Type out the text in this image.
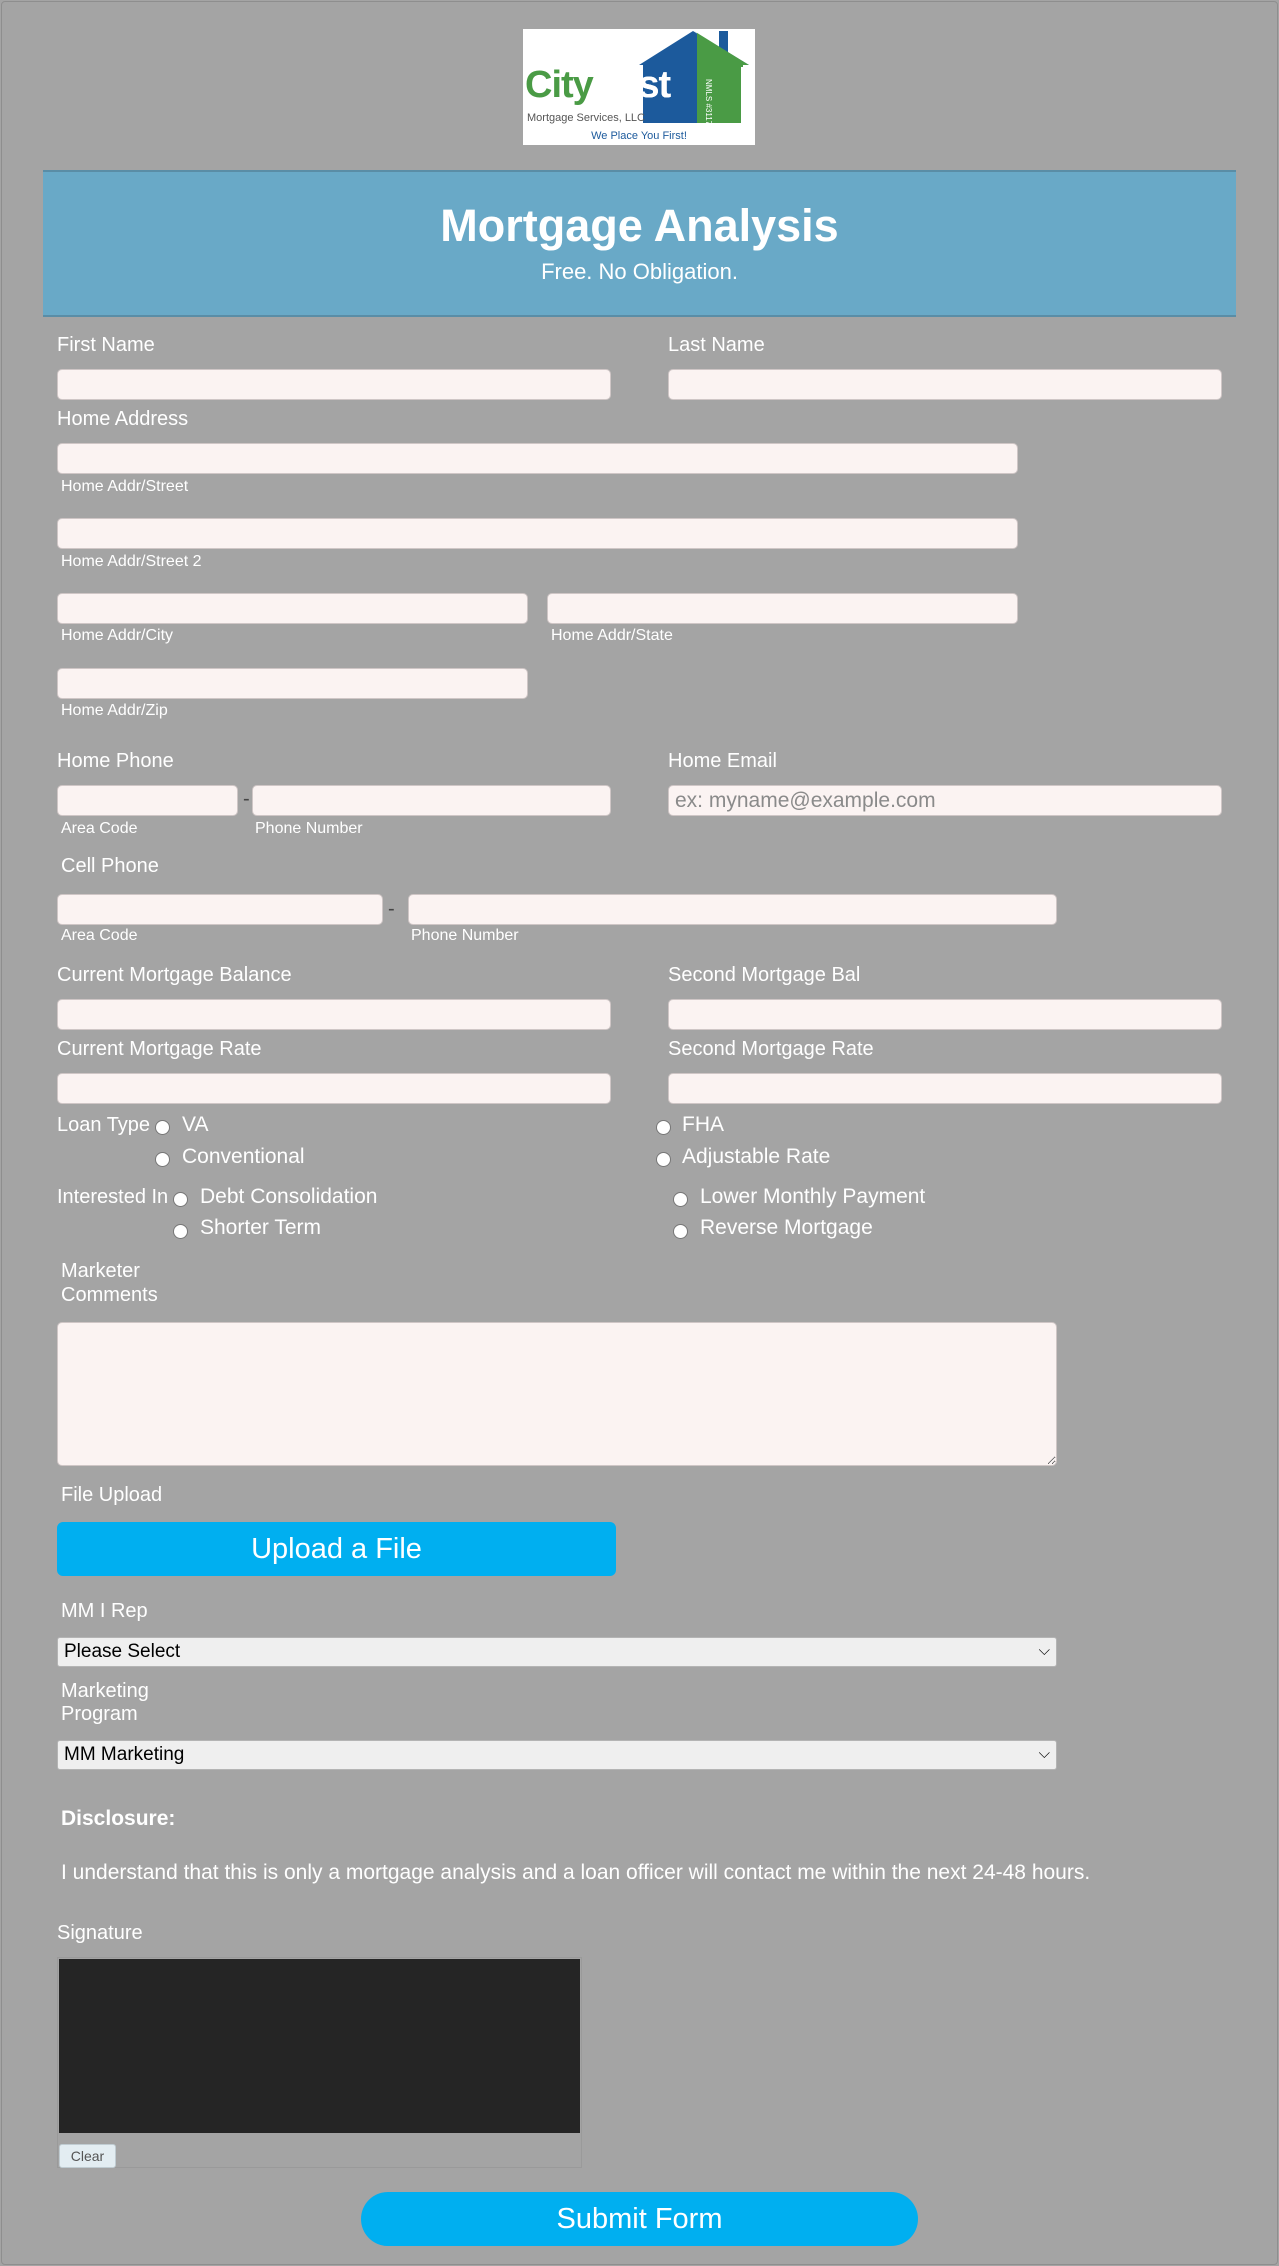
CityFirst
Mortgage Services, LLC	NMLS #3117
We Place You First!
Mortgage Analysis
Free. No Obligation.
First Name	Last Name
Home Address
Home Addr/Street
Home Addr/Street 2
Home Addr/City	Home Addr/State
Home Addr/Zip
Home Phone
-
Area Code	Phone Number
Home Email
ex: myname@example.com
Cell Phone
-
Area Code	Phone Number
Current Mortgage Balance	Second Mortgage Bal
Current Mortgage Rate	Second Mortgage Rate
Loan Type VA	FHA
Conventional	Adjustable Rate
Interested In Debt Consolidation	Lower Monthly Payment
Shorter Term	Reverse Mortgage
Marketer
Comments
File Upload
Upload a File
MM I Rep
Please Select	⌵
Marketing
Program
MM Marketing	⌵
Disclosure:
I understand that this is only a mortgage analysis and a loan officer will contact me within the next 24-48 hours.
Signature
Clear
Submit Form
